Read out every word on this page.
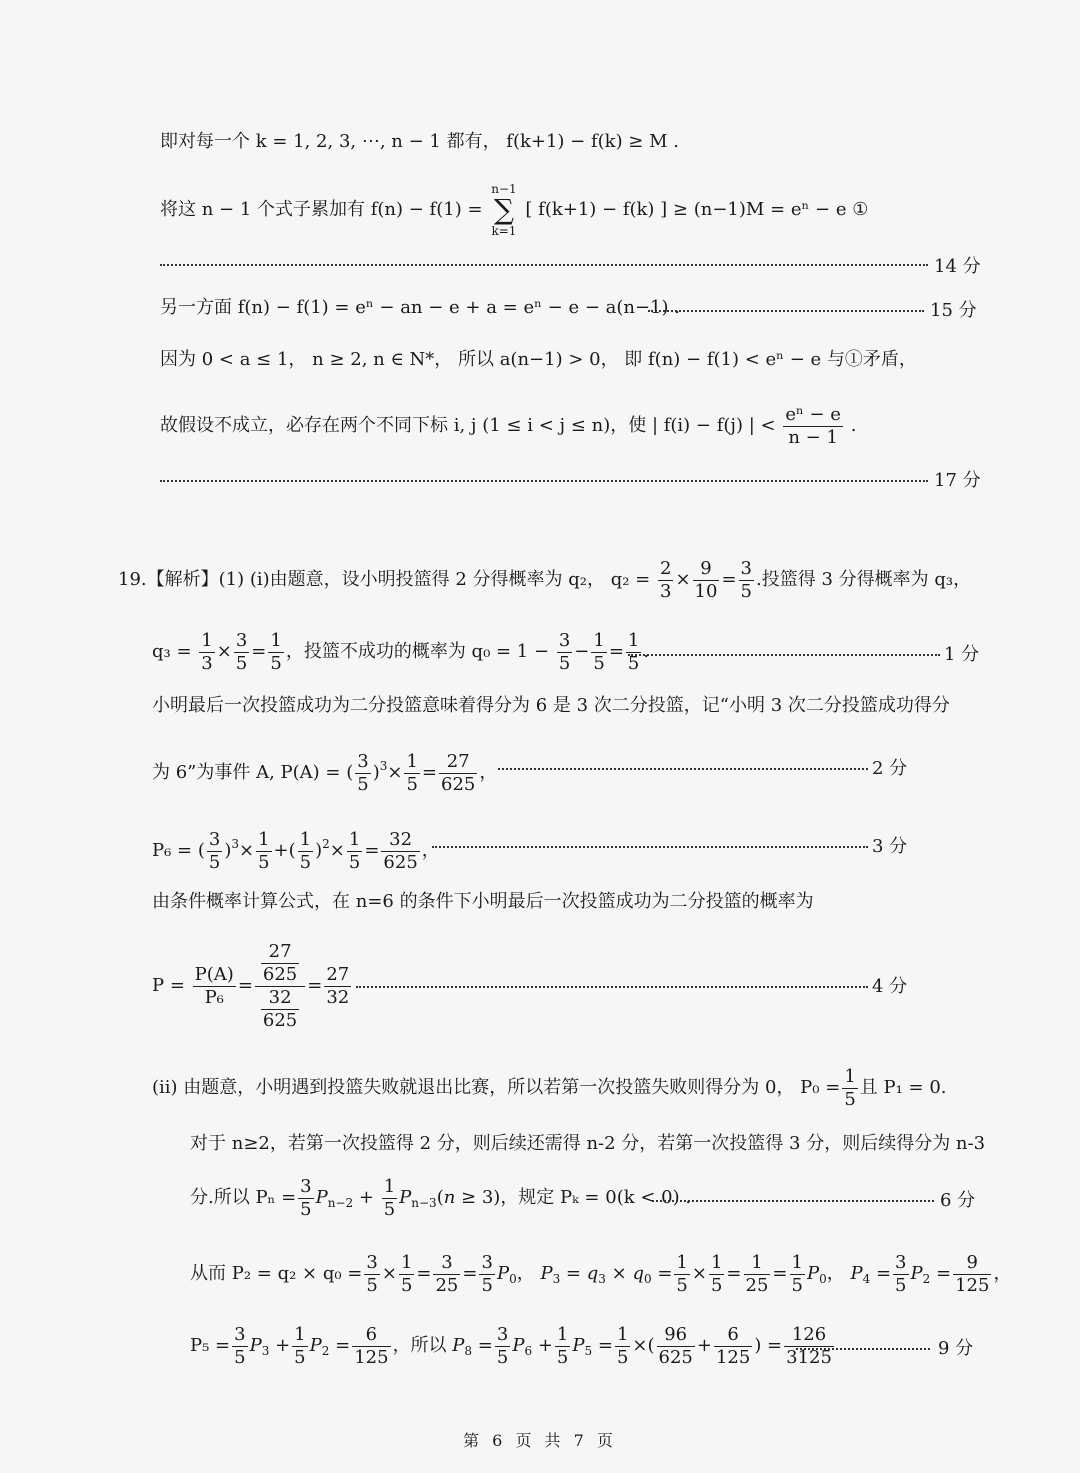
即对每一个 k = 1, 2, 3, ⋯, n − 1 都有， f(k+1) − f(k) ≥ M .
将这 n − 1 个式子累加有 f(n) − f(1) = n−1
∑
k=1 [ f(k+1) − f(k) ] ≥ (n−1)M = eⁿ − e ①
14 分
另一方面 f(n) − f(1) = eⁿ − an − e + a = eⁿ − e − a(n−1) .	15 分
因为 0 < a ≤ 1， n ≥ 2, n ∈ N*， 所以 a(n−1) > 0， 即 f(n) − f(1) < eⁿ − e 与①矛盾，
故假设不成立，必存在两个不同下标 i, j (1 ≤ i < j ≤ n)，使 | f(i) − f(j) | < $\frac{\text{eⁿ − e}}{n - 1}$ .
17 分
19.【解析】(1) (i)由题意，设小明投篮得 2 分得概率为 q₂， $q_2 = \frac{2}{3} \times \frac{9}{10} = \frac{3}{5}$ .投篮得 3 分得概率为 q₃，
$q_3 = \frac{1}{3} \times \frac{3}{5} = \frac{1}{5}$ ，投篮不成功的概率为 $q_0 = 1 - \frac{3}{5} - \frac{1}{5} = \frac{1}{5}$ .	1 分
小明最后一次投篮成功为二分投篮意味着得分为 6 是 3 次二分投篮，记“小明 3 次二分投篮成功得分
为 6”为事件 A, P(A) = ( $\frac{3}{5} )^3\times \frac{1}{5} = \frac{27}{625}$ ，	2 分
P₆ = ( $\frac{3}{5} )^3\times \frac{1}{5}$ +( $\frac{1}{5} )^2\times \frac{1}{5} = \frac{32}{625}$ ，	3 分
由条件概率计算公式，在 n=6 的条件下小明最后一次投篮成功为二分投篮的概率为
$P = \frac{P(A)}{\text{P₆}} = \frac{\frac{27}{625}}{\frac{32}{625}} = \frac{27}{32}$	4 分
(ii) 由题意，小明遇到投篮失败就退出比赛，所以若第一次投篮失败则得分为 0， $P_0 = \frac{1}{5}$ 且 P₁ = 0.
对于 n≥2，若第一次投篮得 2 分，则后续还需得 n-2 分，若第一次投篮得 3 分，则后续得分为 n-3
分.所以 $P_n = \frac{3}{5} P_{n-2} + \frac{1}{5} P_{n-3}(n \ge 3)$，规定 Pₖ = 0(k < 0) .	6 分
从而 $P_2 = q_2 \times q_0 = \frac{3}{5} \times \frac{1}{5} = \frac{3}{25} = \frac{3}{5} P_0$， $P_3 = q_3 \times q_0 = \frac{1}{5} \times \frac{1}{5} = \frac{1}{25} = \frac{1}{5} P_0$， $P_4 = \frac{3}{5} P_2 = \frac{9}{125}$ ，
$P_5 = \frac{3}{5} P_3 + \frac{1}{5} P_2 = \frac{6}{125}$ ，所以 $P_8 = \frac{3}{5} P_6 + \frac{1}{5} P_5 = \frac{1}{5}$ ×( $\frac{96}{625} + \frac{6}{125}$ ) = $\frac{126}{3125}$	9 分
第 6 页 共 7 页
